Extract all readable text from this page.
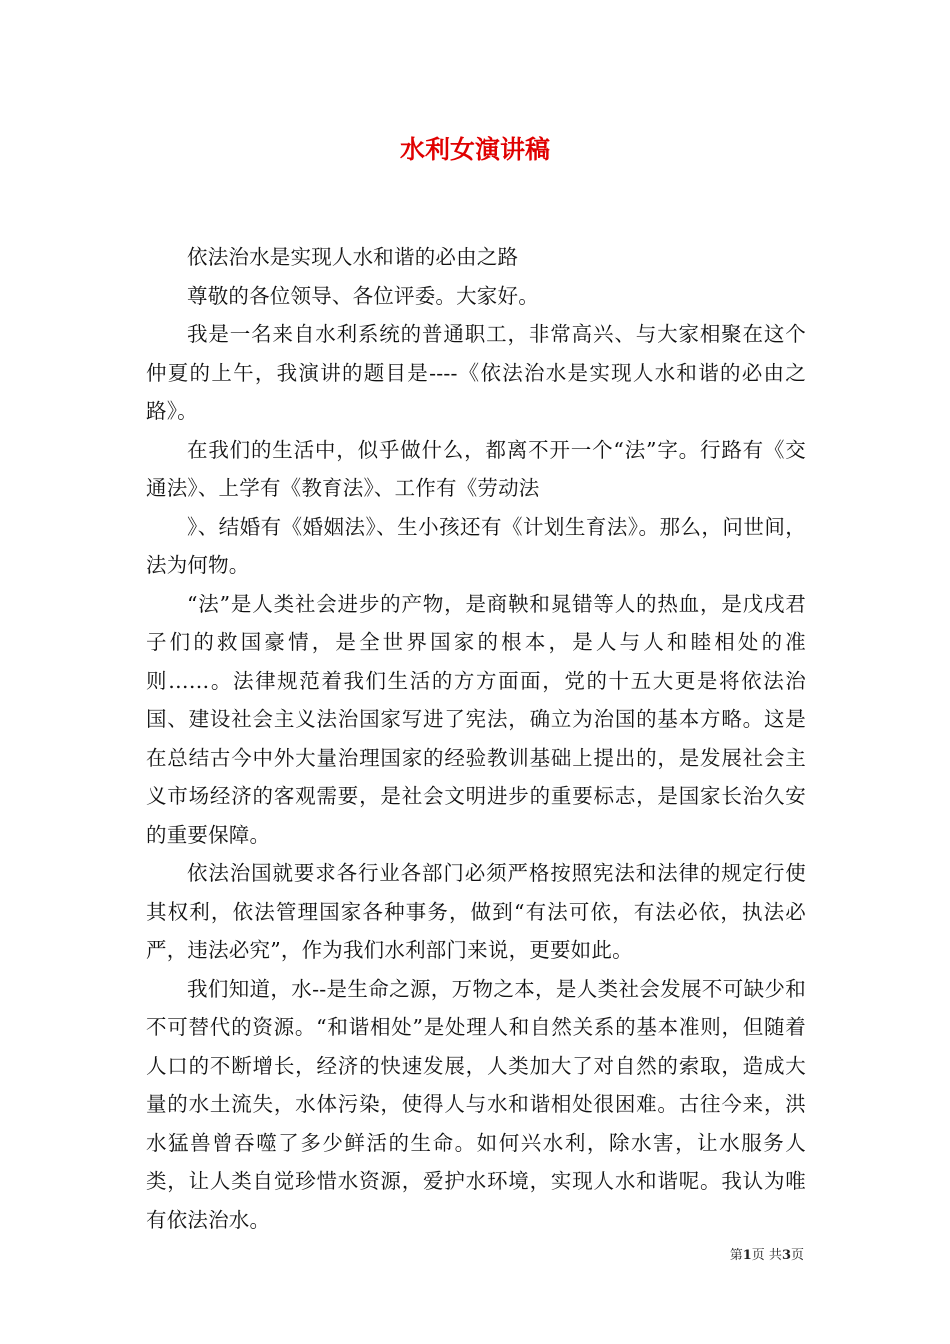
水利女演讲稿

依法治水是实现人水和谐的必由之路

尊敬的各位领导、各位评委。大家好。

我是一名来自水利系统的普通职工，非常高兴、与大家相聚在这个仲夏的上午，我演讲的题目是----《依法治水是实现人水和谐的必由之路》。

在我们的生活中，似乎做什么，都离不开一个“法”字。行路有《交通法》、上学有《教育法》、工作有《劳动法

》、结婚有《婚姻法》、生小孩还有《计划生育法》。那么，问世间，法为何物。

“法”是人类社会进步的产物，是商鞅和晁错等人的热血，是戊戌君子们的救国豪情，是全世界国家的根本，是人与人和睦相处的准则……。法律规范着我们生活的方方面面，党的十五大更是将依法治国、建设社会主义法治国家写进了宪法，确立为治国的基本方略。这是在总结古今中外大量治理国家的经验教训基础上提出的，是发展社会主义市场经济的客观需要，是社会文明进步的重要标志，是国家长治久安的重要保障。

依法治国就要求各行业各部门必须严格按照宪法和法律的规定行使其权利，依法管理国家各种事务，做到“有法可依，有法必依，执法必严，违法必究”，作为我们水利部门来说，更要如此。

我们知道，水--是生命之源，万物之本，是人类社会发展不可缺少和不可替代的资源。“和谐相处”是处理人和自然关系的基本准则，但随着人口的不断增长，经济的快速发展，人类加大了对自然的索取，造成大量的水土流失，水体污染，使得人与水和谐相处很困难。古往今来，洪水猛兽曾吞噬了多少鲜活的生命。如何兴水利，除水害，让水服务人类，让人类自觉珍惜水资源，爱护水环境，实现人水和谐呢。我认为唯有依法治水。

第1页 共3页
